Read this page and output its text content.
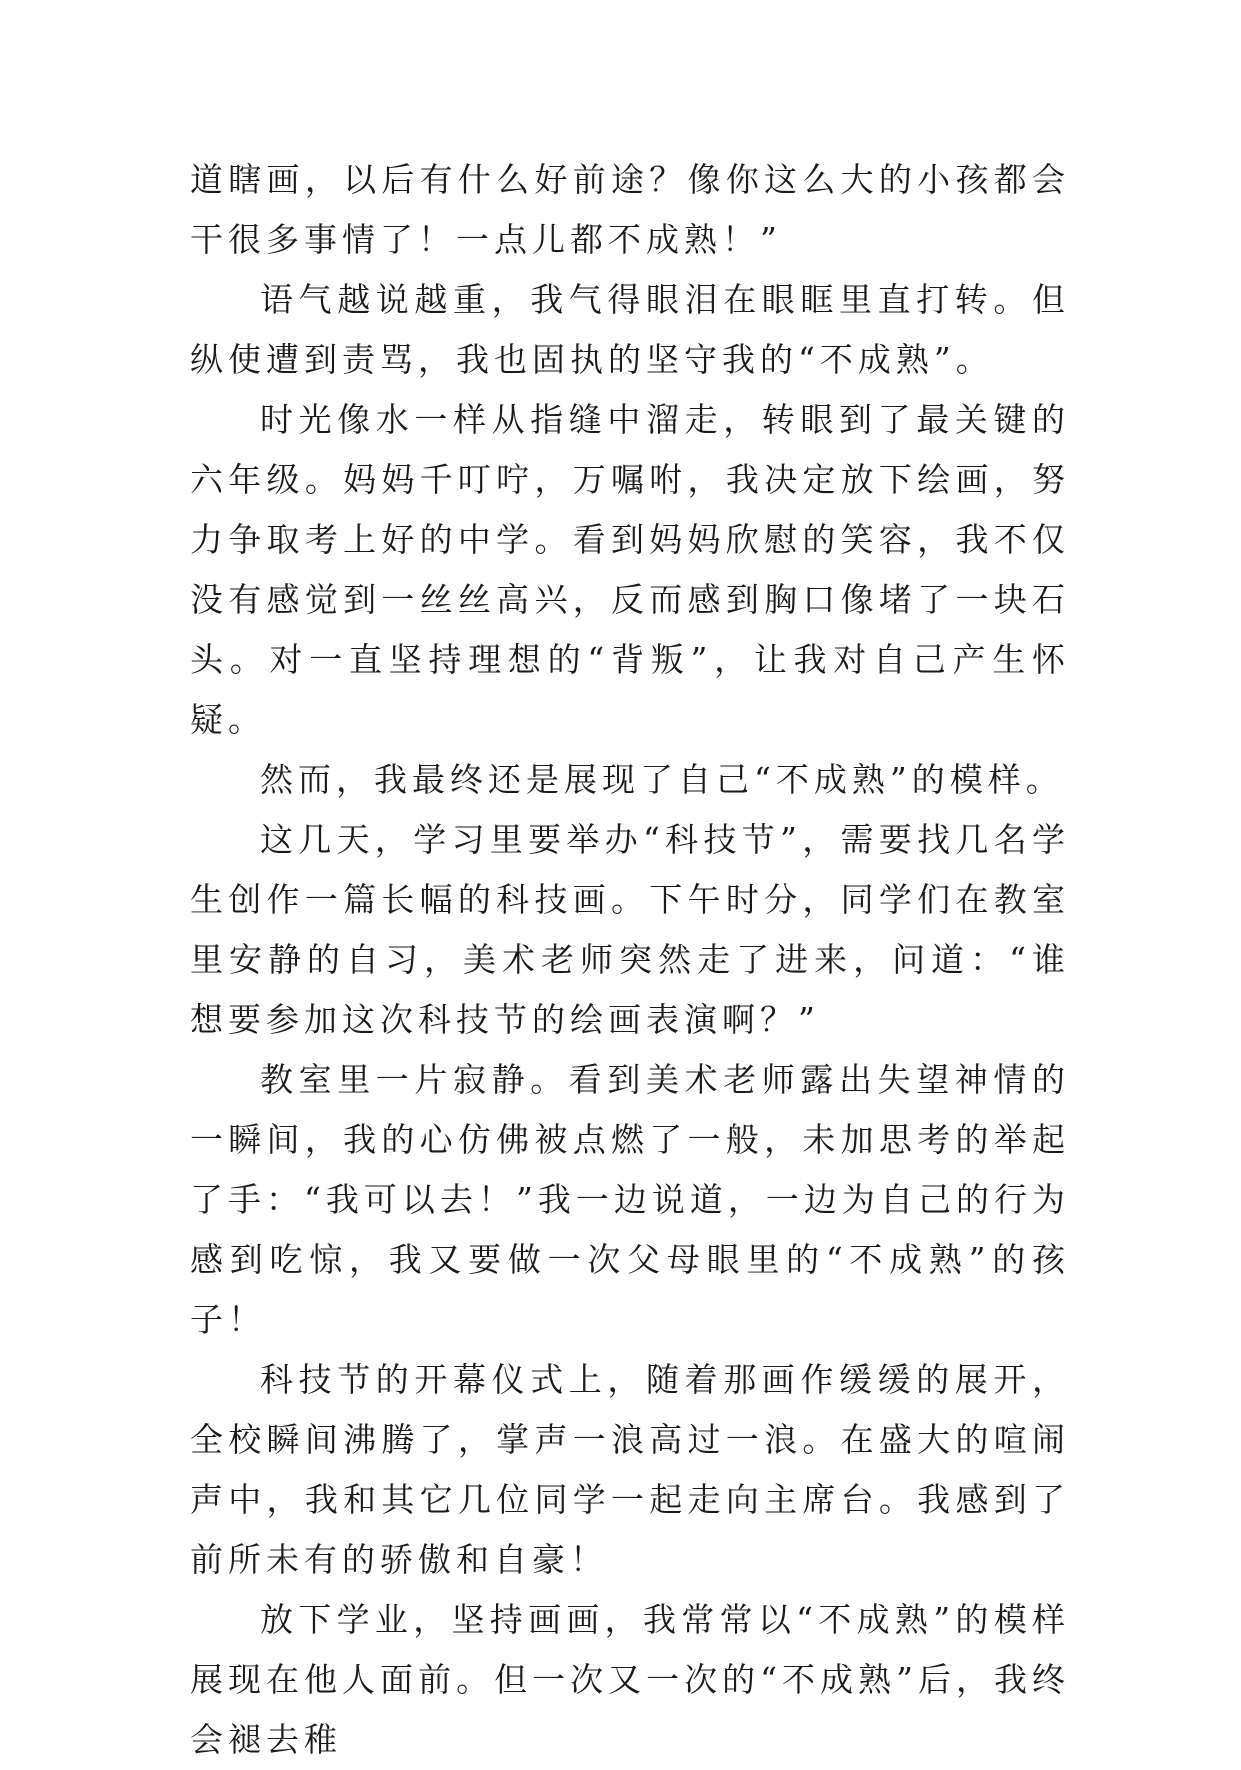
道瞎画，以后有什么好前途？像你这么大的小孩都会干很多事情了！一点儿都不成熟！”

语气越说越重，我气得眼泪在眼眶里直打转。但纵使遭到责骂，我也固执的坚守我的“不成熟”。

时光像水一样从指缝中溜走，转眼到了最关键的六年级。妈妈千叮咛，万嘱咐，我决定放下绘画，努力争取考上好的中学。看到妈妈欣慰的笑容，我不仅没有感觉到一丝丝高兴，反而感到胸口像堵了一块石头。对一直坚持理想的“背叛”，让我对自己产生怀疑。

然而，我最终还是展现了自己“不成熟”的模样。

这几天，学习里要举办“科技节”，需要找几名学生创作一篇长幅的科技画。下午时分，同学们在教室里安静的自习，美术老师突然走了进来，问道：“谁想要参加这次科技节的绘画表演啊？”

教室里一片寂静。看到美术老师露出失望神情的一瞬间，我的心仿佛被点燃了一般，未加思考的举起了手：“我可以去！”我一边说道，一边为自己的行为感到吃惊，我又要做一次父母眼里的“不成熟”的孩子！

科技节的开幕仪式上，随着那画作缓缓的展开，全校瞬间沸腾了，掌声一浪高过一浪。在盛大的喧闹声中，我和其它几位同学一起走向主席台。我感到了前所未有的骄傲和自豪！

放下学业，坚持画画，我常常以“不成熟”的模样展现在他人面前。但一次又一次的“不成熟”后，我终会褪去稚
